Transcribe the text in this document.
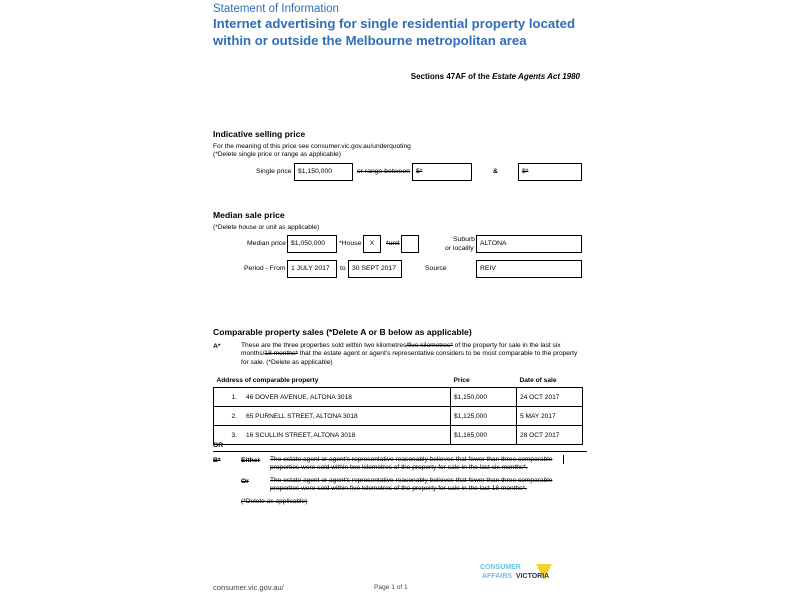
Statement of Information
Internet advertising for single residential property located within or outside the Melbourne metropolitan area
Sections 47AF of the Estate Agents Act 1980
Indicative selling price
For the meaning of this price see consumer.vic.gov.au/underquoting
(*Delete single price or range as applicable)
Single price $1,150,000	or range between $*	&	$*
Median sale price
(*Delete house or unit as applicable)
Median price $1,050,000	*House	X	*unit
Suburb
or locality
ALTONA
Period - From 1 JULY 2017	to 30 SEPT 2017	Source	REIV
Comparable property sales (*Delete A or B below as applicable)
A*	These are the three properties sold within two kilometres/five kilometres* of the property for sale in the last six months/18 months* that the estate agent or agent's representative considers to be most comparable to the property for sale. (*Delete as applicable)
Address of comparable property		Price	Date of sale
1.	46 DOVER AVENUE, ALTONA 3018	$1,150,000	24 OCT 2017
2.	65 PURNELL STREET, ALTONA 3018	$1,125,000	5 MAY 2017
3.	16 SCULLIN STREET, ALTONA 3018	$1,165,000	28 OCT 2017
OR
B*	Either The estate agent or agent's representative reasonably believes that fewer than three comparable properties were sold within two kilometres of the property for sale in the last six months*.
Or	The estate agent or agent's representative reasonably believes that fewer than three comparable properties were sold within five kilometres of the property for sale in the last 18 months*.
(*Delete as applicable)
consumer.vic.gov.au/	Page 1 of 1
CONSUMER
AFFAIRS VICTORIA
